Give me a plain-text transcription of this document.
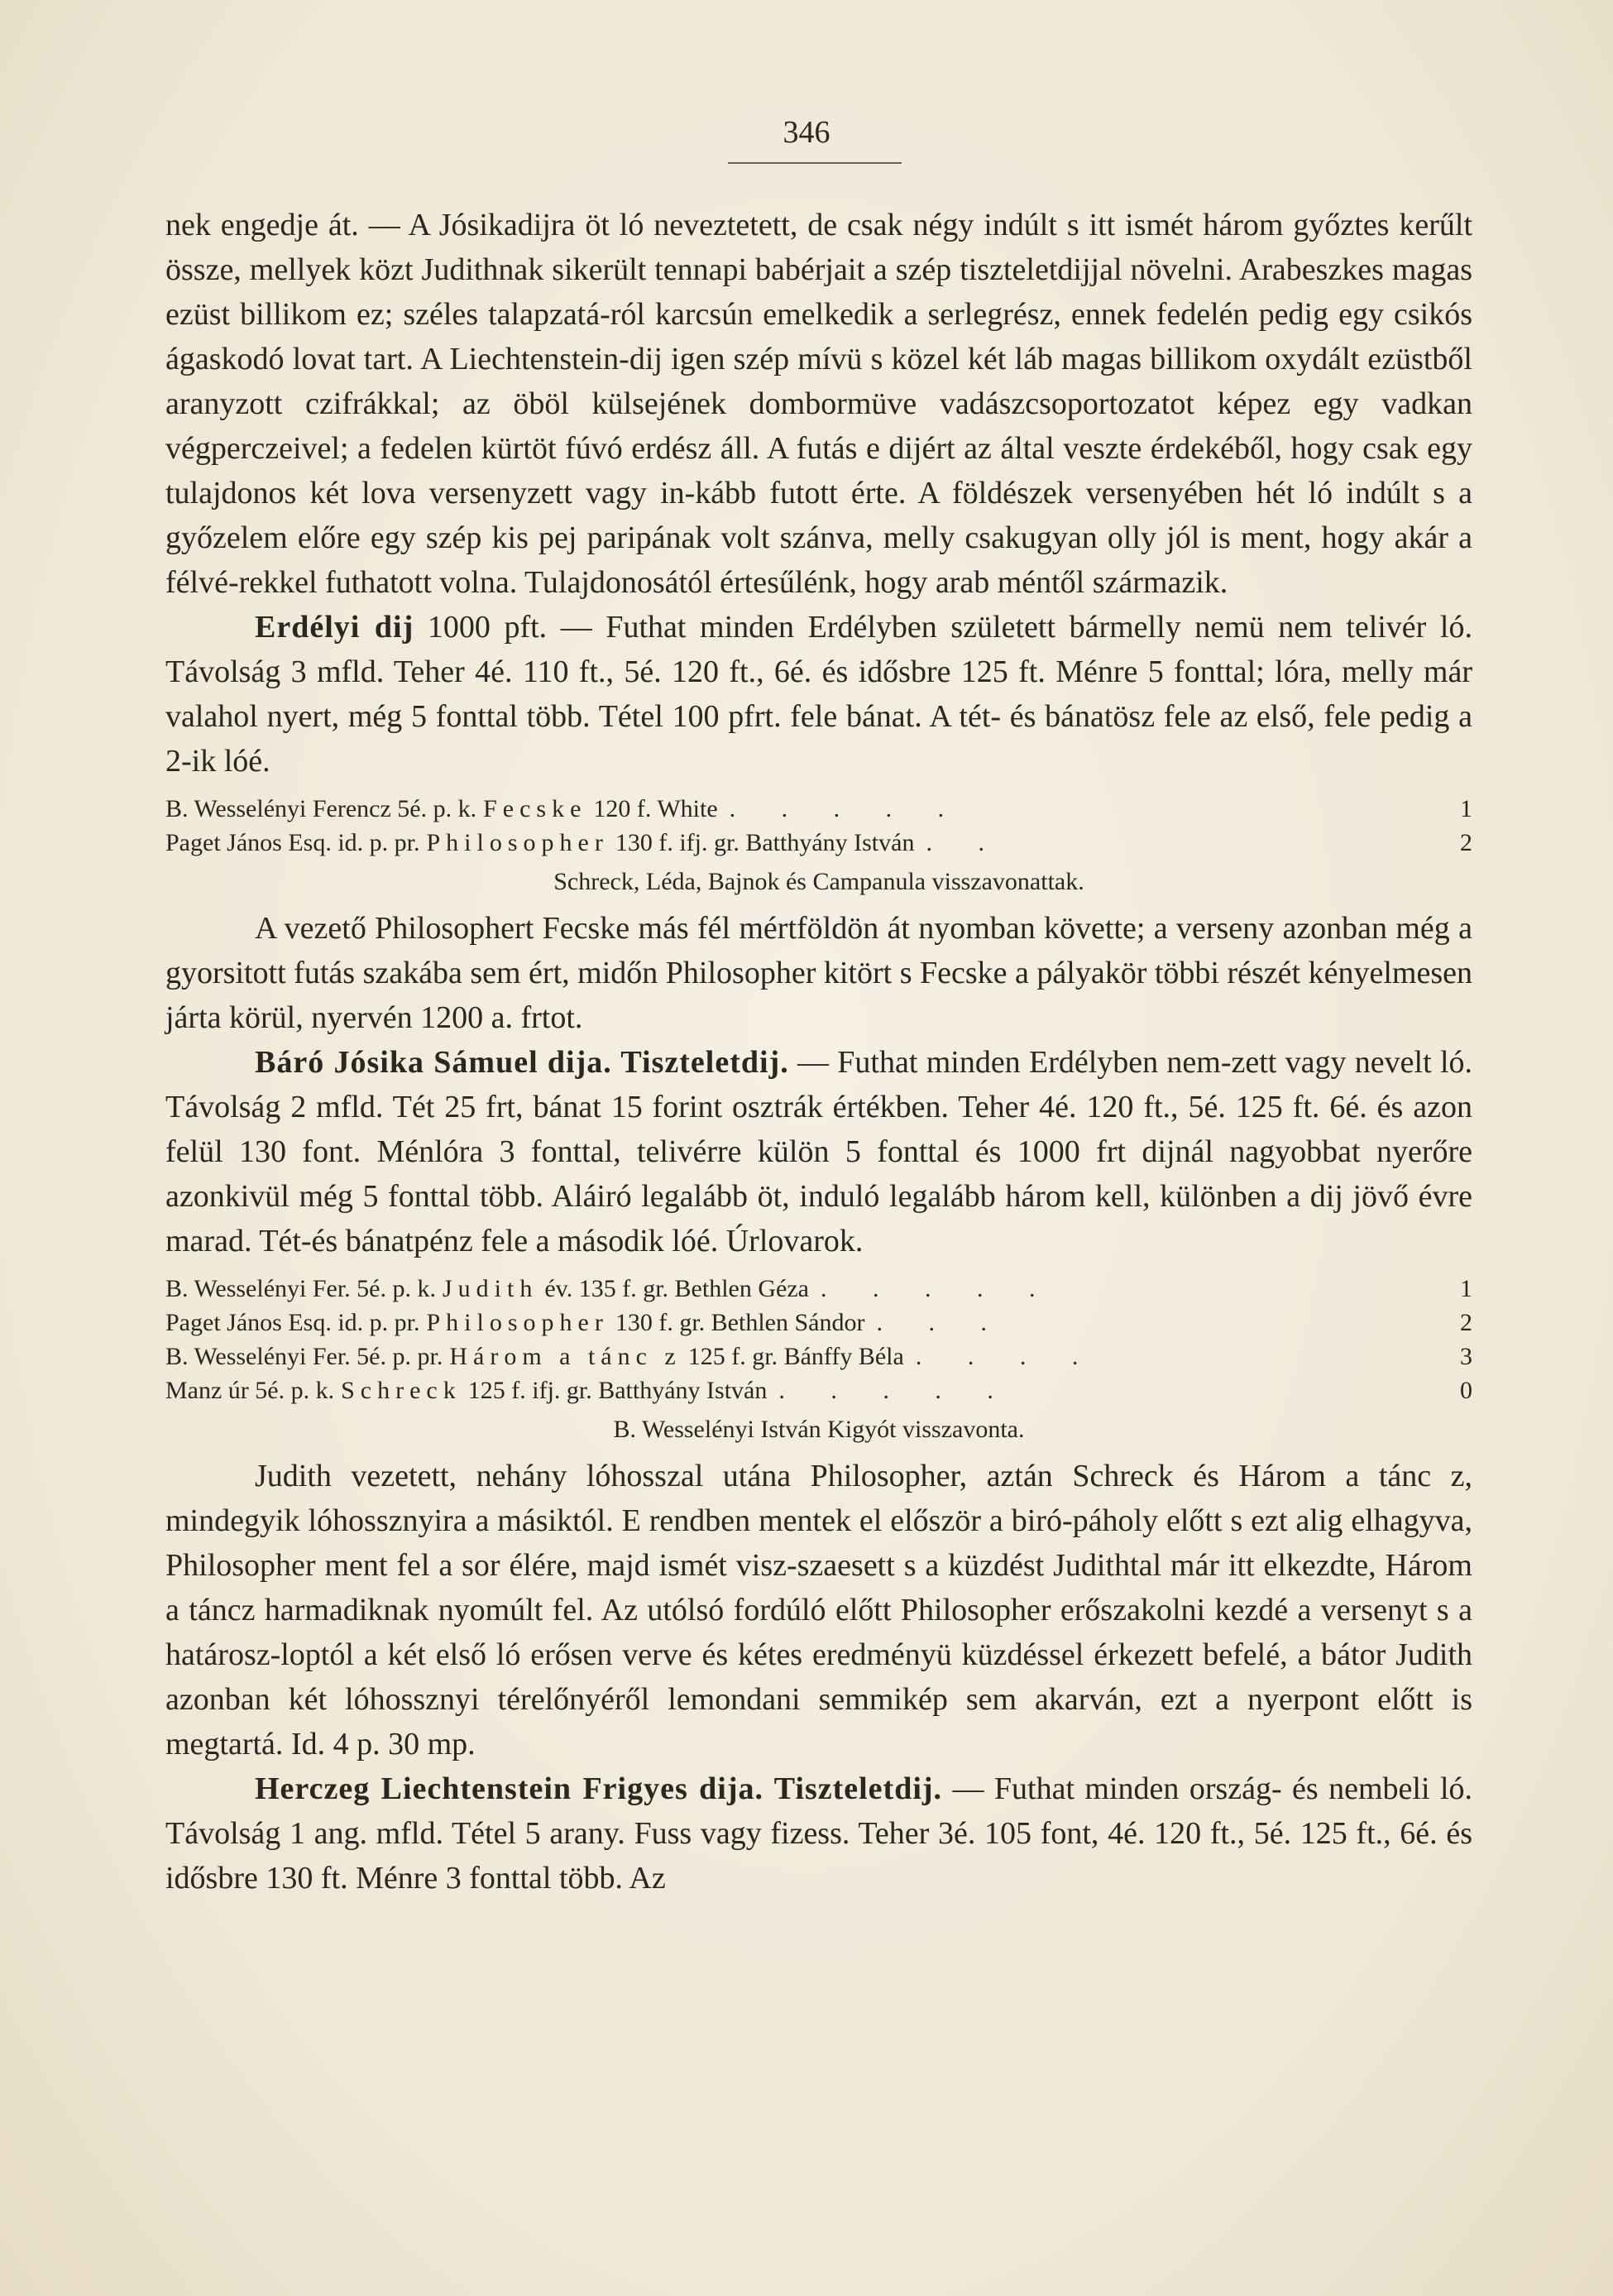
346

nek engedje át. — A Jósikadijra öt ló neveztetett, de csak négy indúlt s itt ismét három győztes kerűlt össze, mellyek közt Judithnak sikerült tennapi babérjait a szép tiszteletdijjal növelni. Arabeszkes magas ezüst billikom ez; széles talapzatá-ról karcsún emelkedik a serlegrész, ennek fedelén pedig egy csikós ágaskodó lovat tart. A Liechtenstein-dij igen szép mívü s közel két láb magas billikom oxydált ezüstből aranyzott czifrákkal; az öböl külsejének dombormüve vadászcsoportozatot képez egy vadkan végperczeivel; a fedelen kürtöt fúvó erdész áll. A futás e dijért az által veszte érdekéből, hogy csak egy tulajdonos két lova versenyzett vagy in-kább futott érte. A földészek versenyében hét ló indúlt s a győzelem előre egy szép kis pej paripának volt szánva, melly csakugyan olly jól is ment, hogy akár a félvé-rekkel futhatott volna. Tulajdonosától értesűlénk, hogy arab méntől származik.

Erdélyi dij 1000 pft. — Futhat minden Erdélyben született bármelly nemü nem telivér ló. Távolság 3 mfld. Teher 4é. 110 ft., 5é. 120 ft., 6é. és idősbre 125 ft. Ménre 5 fonttal; lóra, melly már valahol nyert, még 5 fonttal több. Tétel 100 pfrt. fele bánat. A tét- és bánatösz fele az első, fele pedig a 2-ik lóé.

B. Wesselényi Ferencz 5é. p. k. Fecske 120 f. White . . . . .	1
Paget János Esq. id. p. pr. Philosopher 130 f. ifj. gr. Batthyány István . .	2
Schreck, Léda, Bajnok és Campanula visszavonattak.

A vezető Philosophert Fecske más fél mértföldön át nyomban követte; a verseny azonban még a gyorsitott futás szakába sem ért, midőn Philosopher kitört s Fecske a pályakör többi részét kényelmesen járta körül, nyervén 1200 a. frtot.

Báró Jósika Sámuel dija. Tiszteletdij. — Futhat minden Erdélyben nem-zett vagy nevelt ló. Távolság 2 mfld. Tét 25 frt, bánat 15 forint osztrák értékben. Teher 4é. 120 ft., 5é. 125 ft. 6é. és azon felül 130 font. Ménlóra 3 fonttal, telivérre külön 5 fonttal és 1000 frt dijnál nagyobbat nyerőre azonkivül még 5 fonttal több. Aláiró legalább öt, induló legalább három kell, különben a dij jövő évre marad. Tét-és bánatpénz fele a második lóé. Úrlovarok.

B. Wesselényi Fer. 5é. p. k. Judith év. 135 f. gr. Bethlen Géza . . . . .	1
Paget János Esq. id. p. pr. Philosopher 130 f. gr. Bethlen Sándor . . .	2
B. Wesselényi Fer. 5é. p. pr. Három a tánc z 125 f. gr. Bánffy Béla . . . .	3
Manz úr 5é. p. k. Schreck 125 f. ifj. gr. Batthyány István . . . . .	0
B. Wesselényi István Kigyót visszavonta.

Judith vezetett, nehány lóhosszal utána Philosopher, aztán Schreck és Három a tánc z, mindegyik lóhossznyira a másiktól. E rendben mentek el először a biró-páholy előtt s ezt alig elhagyva, Philosopher ment fel a sor élére, majd ismét visz-szaesett s a küzdést Judithtal már itt elkezdte, Három a táncz harmadiknak nyomúlt fel. Az utólsó fordúló előtt Philosopher erőszakolni kezdé a versenyt s a határosz-loptól a két első ló erősen verve és kétes eredményü küzdéssel érkezett befelé, a bátor Judith azonban két lóhossznyi térelőnyéről lemondani semmikép sem akarván, ezt a nyerpont előtt is megtartá. Id. 4 p. 30 mp.

Herczeg Liechtenstein Frigyes dija. Tiszteletdij. — Futhat minden ország- és nembeli ló. Távolság 1 ang. mfld. Tétel 5 arany. Fuss vagy fizess. Teher 3é. 105 font, 4é. 120 ft., 5é. 125 ft., 6é. és idősbre 130 ft. Ménre 3 fonttal több. Az
